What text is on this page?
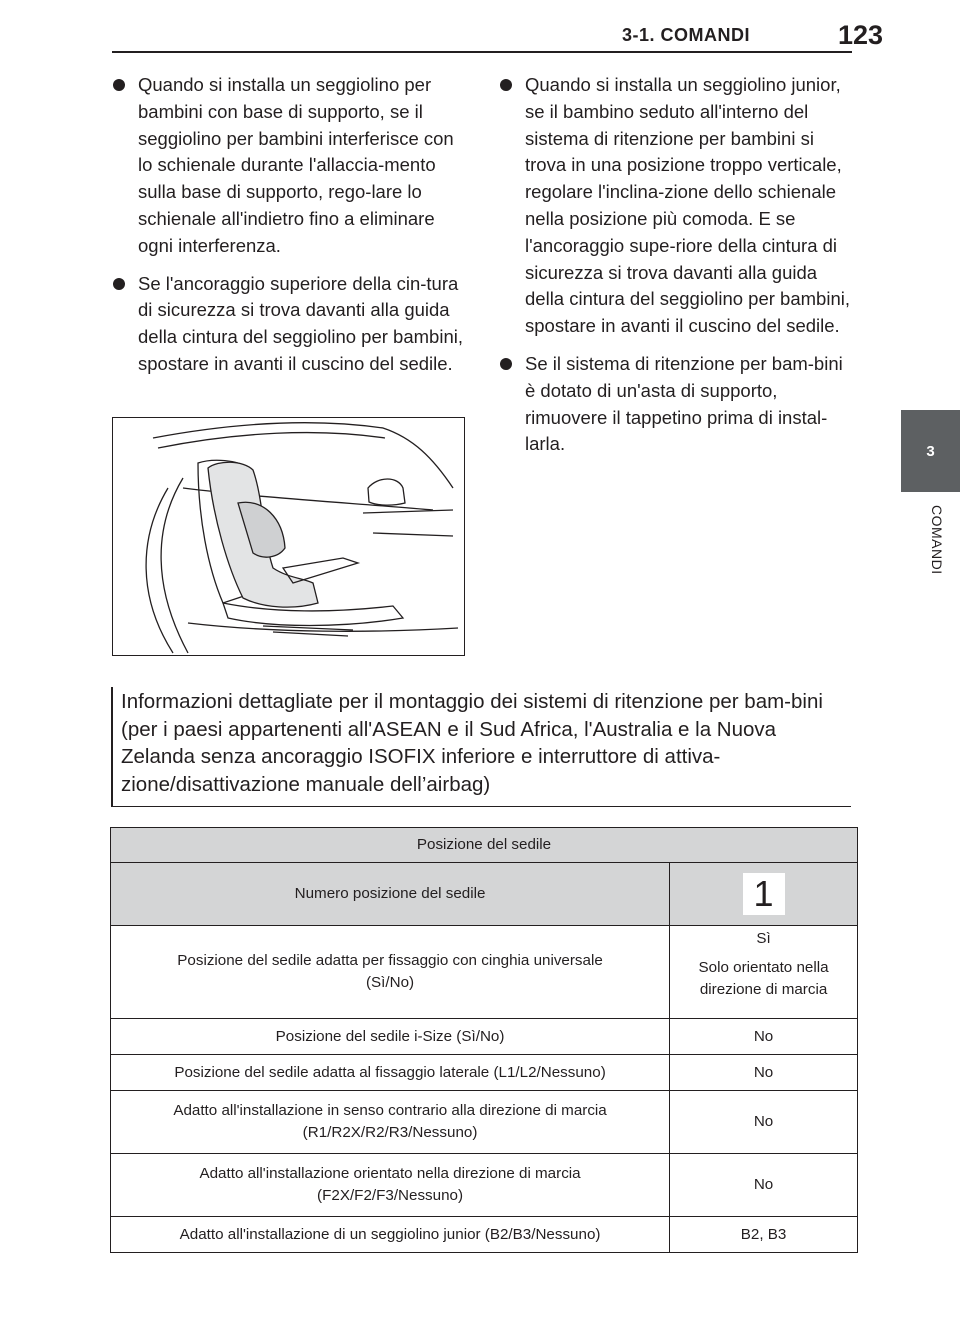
3-1. COMANDI	123
3
COMANDI

Quando si installa un seggiolino per bambini con base di supporto, se il seggiolino per bambini interferisce con lo schienale durante l'allaccia-mento sulla base di supporto, rego-lare lo schienale all'indietro fino a eliminare ogni interferenza.

Se l'ancoraggio superiore della cin-tura di sicurezza si trova davanti alla guida della cintura del seggiolino per bambini, spostare in avanti il cuscino del sedile.

Quando si installa un seggiolino junior, se il bambino seduto all'interno del sistema di ritenzione per bambini si trova in una posizione troppo verticale, regolare l'inclina-zione dello schienale nella posizione più comoda. E se l'ancoraggio supe-riore della cintura di sicurezza si trova davanti alla guida della cintura del seggiolino per bambini, spostare in avanti il cuscino del sedile.

Se il sistema di ritenzione per bam-bini è dotato di un'asta di supporto, rimuovere il tappetino prima di instal-larla.

Informazioni dettagliate per il montaggio dei sistemi di ritenzione per bam-bini (per i paesi appartenenti all'ASEAN e il Sud Africa, l'Australia e la Nuova Zelanda senza ancoraggio ISOFIX inferiore e interruttore di attiva-zione/disattivazione manuale dell’airbag)
Posizione del sedile	
Numero posizione del sedile	1

Posizione del sedile adatta per fissaggio con cinghia universale
(Sì/No)	Sì
Solo orientato nella
direzione di marcia

Posizione del sedile i-Size (Sì/No)	No
Posizione del sedile adatta al fissaggio laterale (L1/L2/Nessuno)	No

Adatto all'installazione in senso contrario alla direzione di marcia
(R1/R2X/R2/R3/Nessuno)	No

Adatto all'installazione orientato nella direzione di marcia
(F2X/F2/F3/Nessuno)	No
Adatto all'installazione di un seggiolino junior (B2/B3/Nessuno)	B2, B3
